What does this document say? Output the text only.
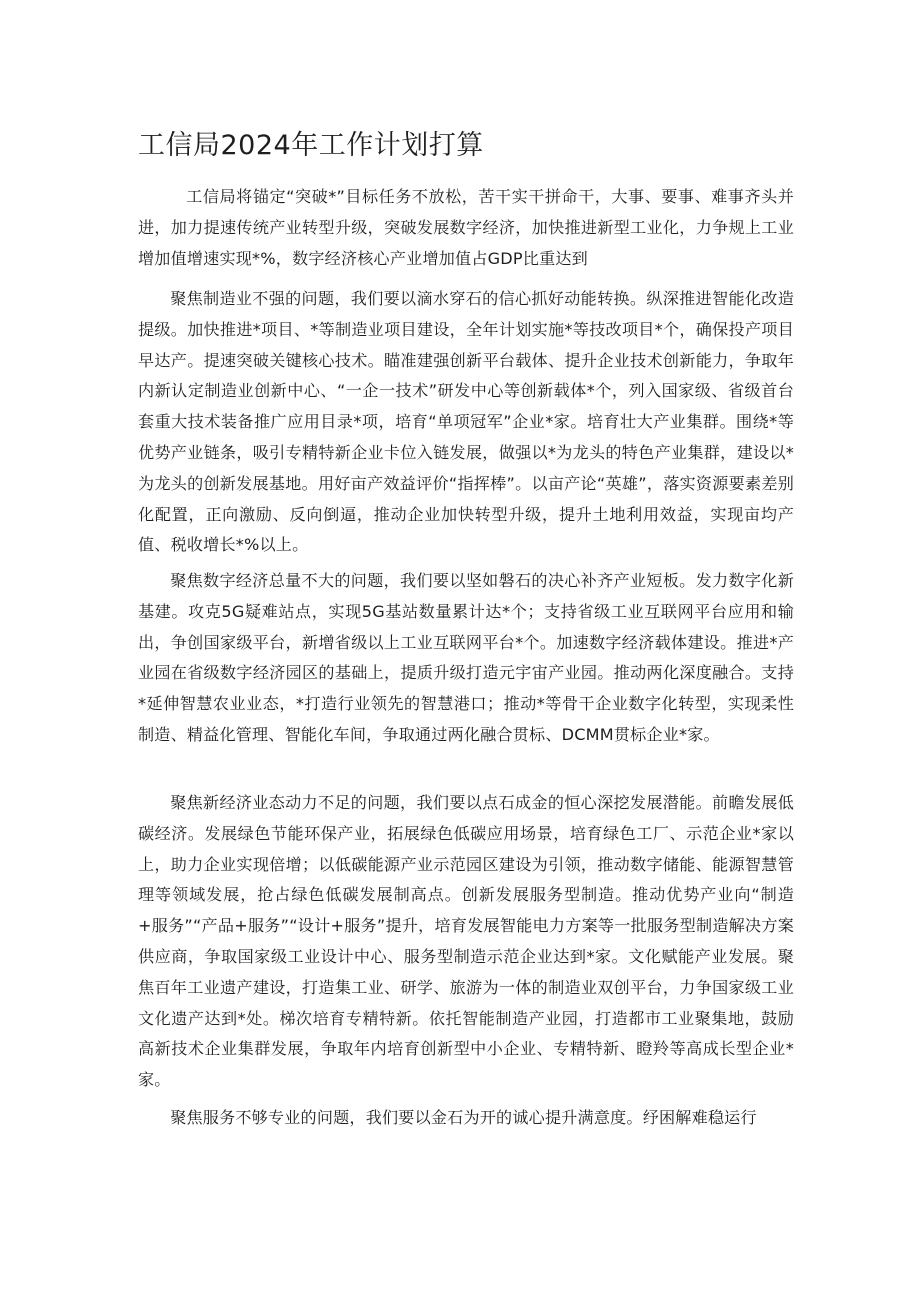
工信局2024年工作计划打算

工信局将锚定“突破*”目标任务不放松，苦干实干拼命干，大事、要事、难事齐头并进，加力提速传统产业转型升级，突破发展数字经济，加快推进新型工业化，力争规上工业增加值增速实现*%，数字经济核心产业增加值占GDP比重达到

聚焦制造业不强的问题，我们要以滴水穿石的信心抓好动能转换。纵深推进智能化改造提级。加快推进*项目、*等制造业项目建设，全年计划实施*等技改项目*个，确保投产项目早达产。提速突破关键核心技术。瞄准建强创新平台载体、提升企业技术创新能力，争取年内新认定制造业创新中心、“一企一技术”研发中心等创新载体*个，列入国家级、省级首台套重大技术装备推广应用目录*项，培育“单项冠军”企业*家。培育壮大产业集群。围绕*等优势产业链条，吸引专精特新企业卡位入链发展，做强以*为龙头的特色产业集群，建设以*为龙头的创新发展基地。用好亩产效益评价“指挥棒”。以亩产论“英雄”，落实资源要素差别化配置，正向激励、反向倒逼，推动企业加快转型升级，提升土地利用效益，实现亩均产值、税收增长*%以上。

聚焦数字经济总量不大的问题，我们要以坚如磐石的决心补齐产业短板。发力数字化新基建。攻克5G疑难站点，实现5G基站数量累计达*个；支持省级工业互联网平台应用和输出，争创国家级平台，新增省级以上工业互联网平台*个。加速数字经济载体建设。推进*产业园在省级数字经济园区的基础上，提质升级打造元宇宙产业园。推动两化深度融合。支持*延伸智慧农业业态，*打造行业领先的智慧港口；推动*等骨干企业数字化转型，实现柔性制造、精益化管理、智能化车间，争取通过两化融合贯标、DCMM贯标企业*家。

聚焦新经济业态动力不足的问题，我们要以点石成金的恒心深挖发展潜能。前瞻发展低碳经济。发展绿色节能环保产业，拓展绿色低碳应用场景，培育绿色工厂、示范企业*家以上，助力企业实现倍增；以低碳能源产业示范园区建设为引领，推动数字储能、能源智慧管理等领域发展，抢占绿色低碳发展制高点。创新发展服务型制造。推动优势产业向“制造+服务”“产品+服务”“设计+服务”提升，培育发展智能电力方案等一批服务型制造解决方案供应商，争取国家级工业设计中心、服务型制造示范企业达到*家。文化赋能产业发展。聚焦百年工业遗产建设，打造集工业、研学、旅游为一体的制造业双创平台，力争国家级工业文化遗产达到*处。梯次培育专精特新。依托智能制造产业园，打造都市工业聚集地，鼓励高新技术企业集群发展，争取年内培育创新型中小企业、专精特新、瞪羚等高成长型企业*家。

聚焦服务不够专业的问题，我们要以金石为开的诚心提升满意度。纾困解难稳运行
